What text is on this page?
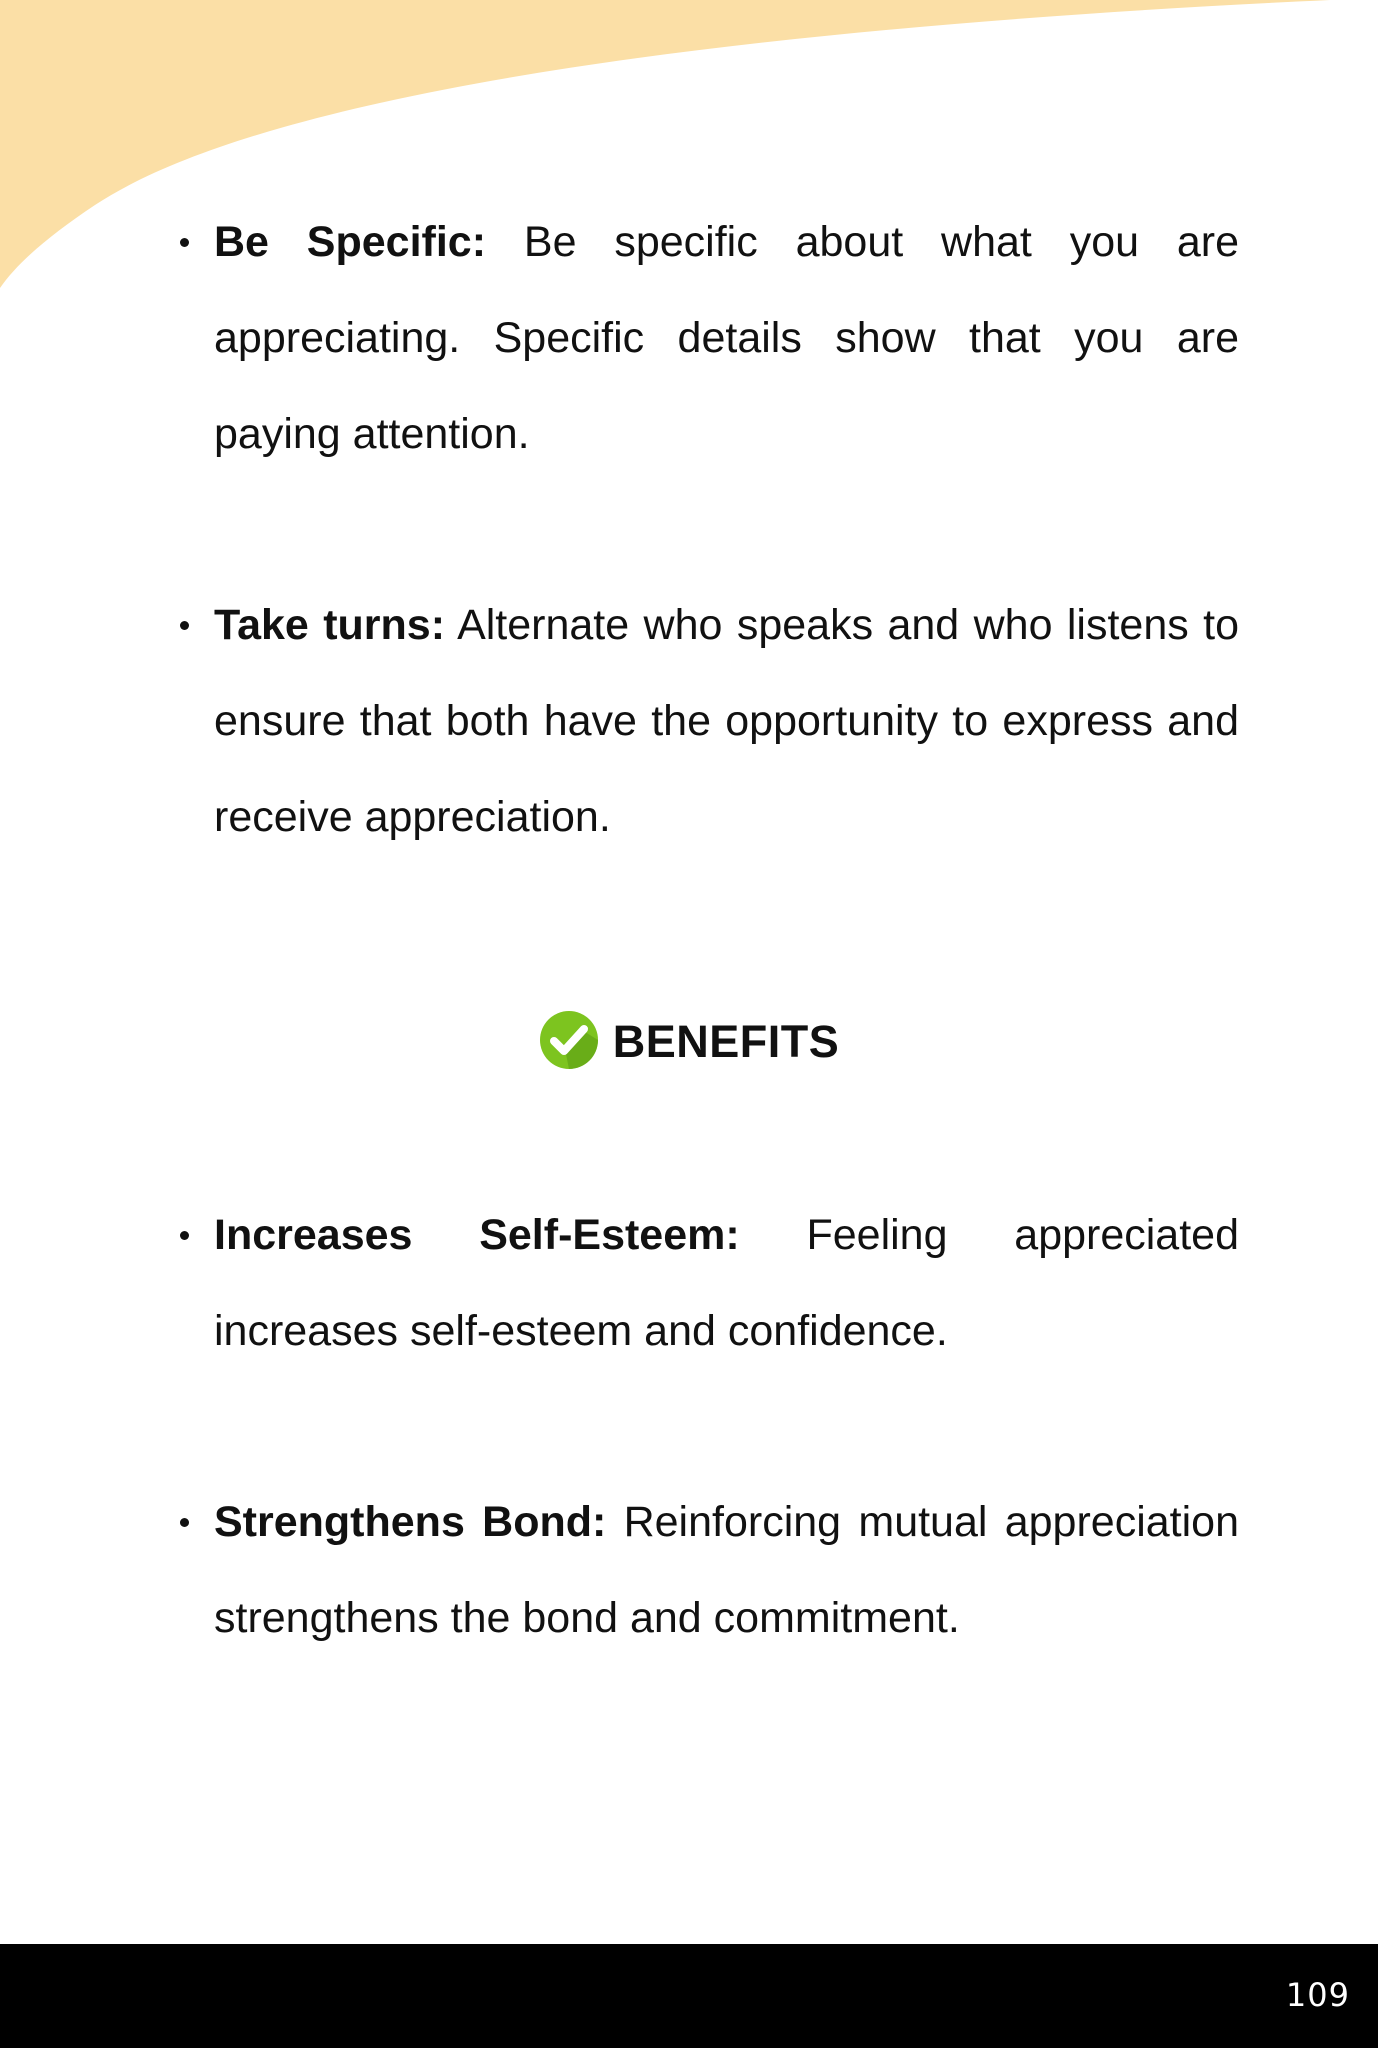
Be Specific: Be specific about what you are appreciating. Specific details show that you are paying attention.
Take turns: Alternate who speaks and who listens to ensure that both have the opportunity to express and receive appreciation.
BENEFITS
Increases Self-Esteem: Feeling appreciated increases self-esteem and confidence.
Strengthens Bond: Reinforcing mutual appreciation strengthens the bond and commitment.
109
